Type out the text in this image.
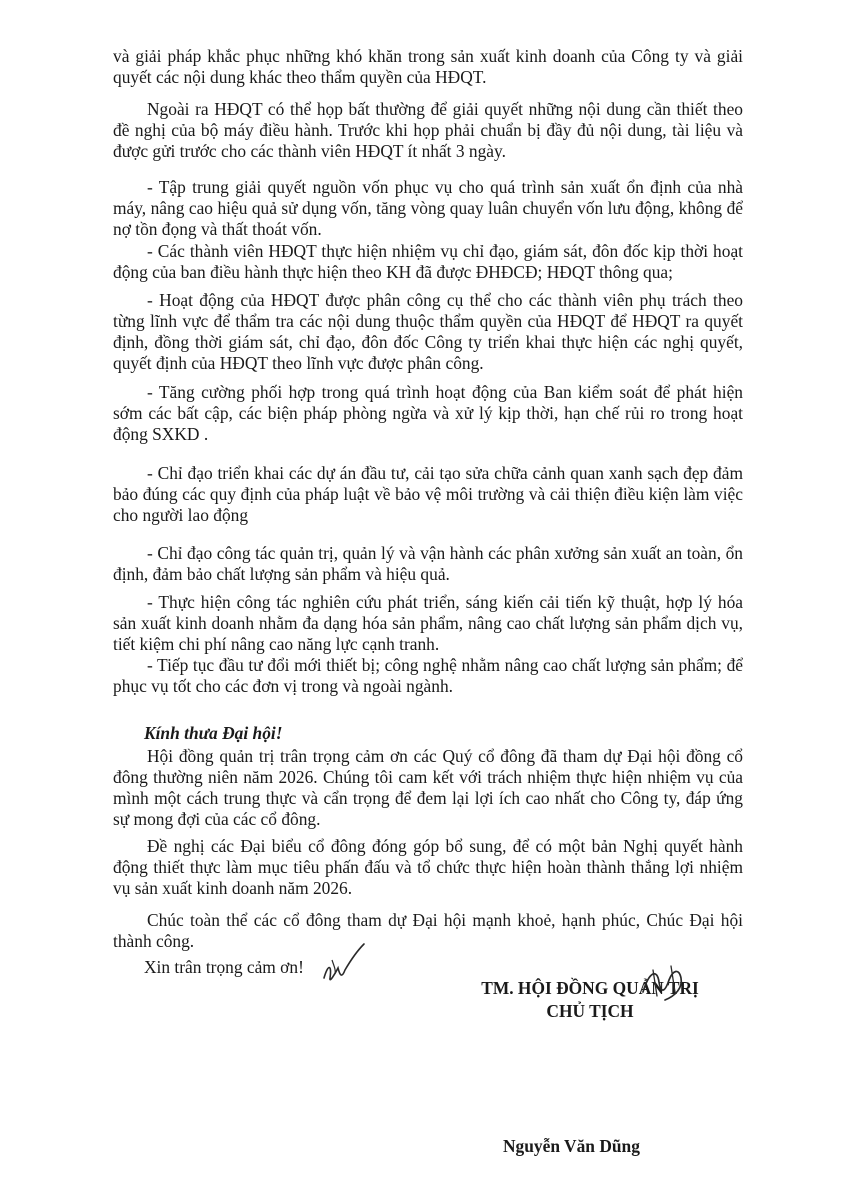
và giải pháp khắc phục những khó khăn trong sản xuất kinh doanh của Công ty và giải quyết các nội dung khác theo thẩm quyền của HĐQT.

Ngoài ra HĐQT có thể họp bất thường để giải quyết những nội dung cần thiết theo đề nghị của bộ máy điều hành. Trước khi họp phải chuẩn bị đầy đủ nội dung, tài liệu và được gửi trước cho các thành viên HĐQT ít nhất 3 ngày.

- Tập trung giải quyết nguồn vốn phục vụ cho quá trình sản xuất ổn định của nhà máy, nâng cao hiệu quả sử dụng vốn, tăng vòng quay luân chuyển vốn lưu động, không để nợ tồn đọng và thất thoát vốn.

- Các thành viên HĐQT thực hiện nhiệm vụ chỉ đạo, giám sát, đôn đốc kịp thời hoạt động của ban điều hành thực hiện theo KH đã được ĐHĐCĐ; HĐQT thông qua;

- Hoạt động của HĐQT được phân công cụ thể cho các thành viên phụ trách theo từng lĩnh vực để thẩm tra các nội dung thuộc thẩm quyền của HĐQT để HĐQT ra quyết định, đồng thời giám sát, chỉ đạo, đôn đốc Công ty triển khai thực hiện các nghị quyết, quyết định của HĐQT theo lĩnh vực được phân công.

- Tăng cường phối hợp trong quá trình hoạt động của Ban kiểm soát để phát hiện sớm các bất cập, các biện pháp phòng ngừa và xử lý kịp thời, hạn chế rủi ro trong hoạt động SXKD .

- Chỉ đạo triển khai các dự án đầu tư, cải tạo sửa chữa cảnh quan xanh sạch đẹp đảm bảo đúng các quy định của pháp luật về bảo vệ môi trường và cải thiện điều kiện làm việc cho người lao động

- Chỉ đạo công tác quản trị, quản lý và vận hành các phân xưởng sản xuất an toàn, ổn định, đảm bảo chất lượng sản phẩm và hiệu quả.

- Thực hiện công tác nghiên cứu phát triển, sáng kiến cải tiến kỹ thuật, hợp lý hóa sản xuất kinh doanh nhằm đa dạng hóa sản phẩm, nâng cao chất lượng sản phẩm dịch vụ, tiết kiệm chi phí nâng cao năng lực cạnh tranh.

- Tiếp tục đầu tư đổi mới thiết bị; công nghệ nhằm nâng cao chất lượng sản phẩm; để phục vụ tốt cho các đơn vị trong và ngoài ngành.

Kính thưa Đại hội!

Hội đồng quản trị trân trọng cảm ơn các Quý cổ đông đã tham dự Đại hội đồng cổ đông thường niên năm 2026. Chúng tôi cam kết với trách nhiệm thực hiện nhiệm vụ của mình một cách trung thực và cẩn trọng để đem lại lợi ích cao nhất cho Công ty, đáp ứng sự mong đợi của các cổ đông.

Đề nghị các Đại biểu cổ đông đóng góp bổ sung, để có một bản Nghị quyết hành động thiết thực làm mục tiêu phấn đấu và tổ chức thực hiện hoàn thành thắng lợi nhiệm vụ sản xuất kinh doanh năm 2026.

Chúc toàn thể các cổ đông tham dự Đại hội mạnh khoẻ, hạnh phúc, Chúc Đại hội thành công.

Xin trân trọng cảm ơn!

TM. HỘI ĐỒNG QUẢN TRỊ

CHỦ TỊCH

Nguyễn Văn Dũng
